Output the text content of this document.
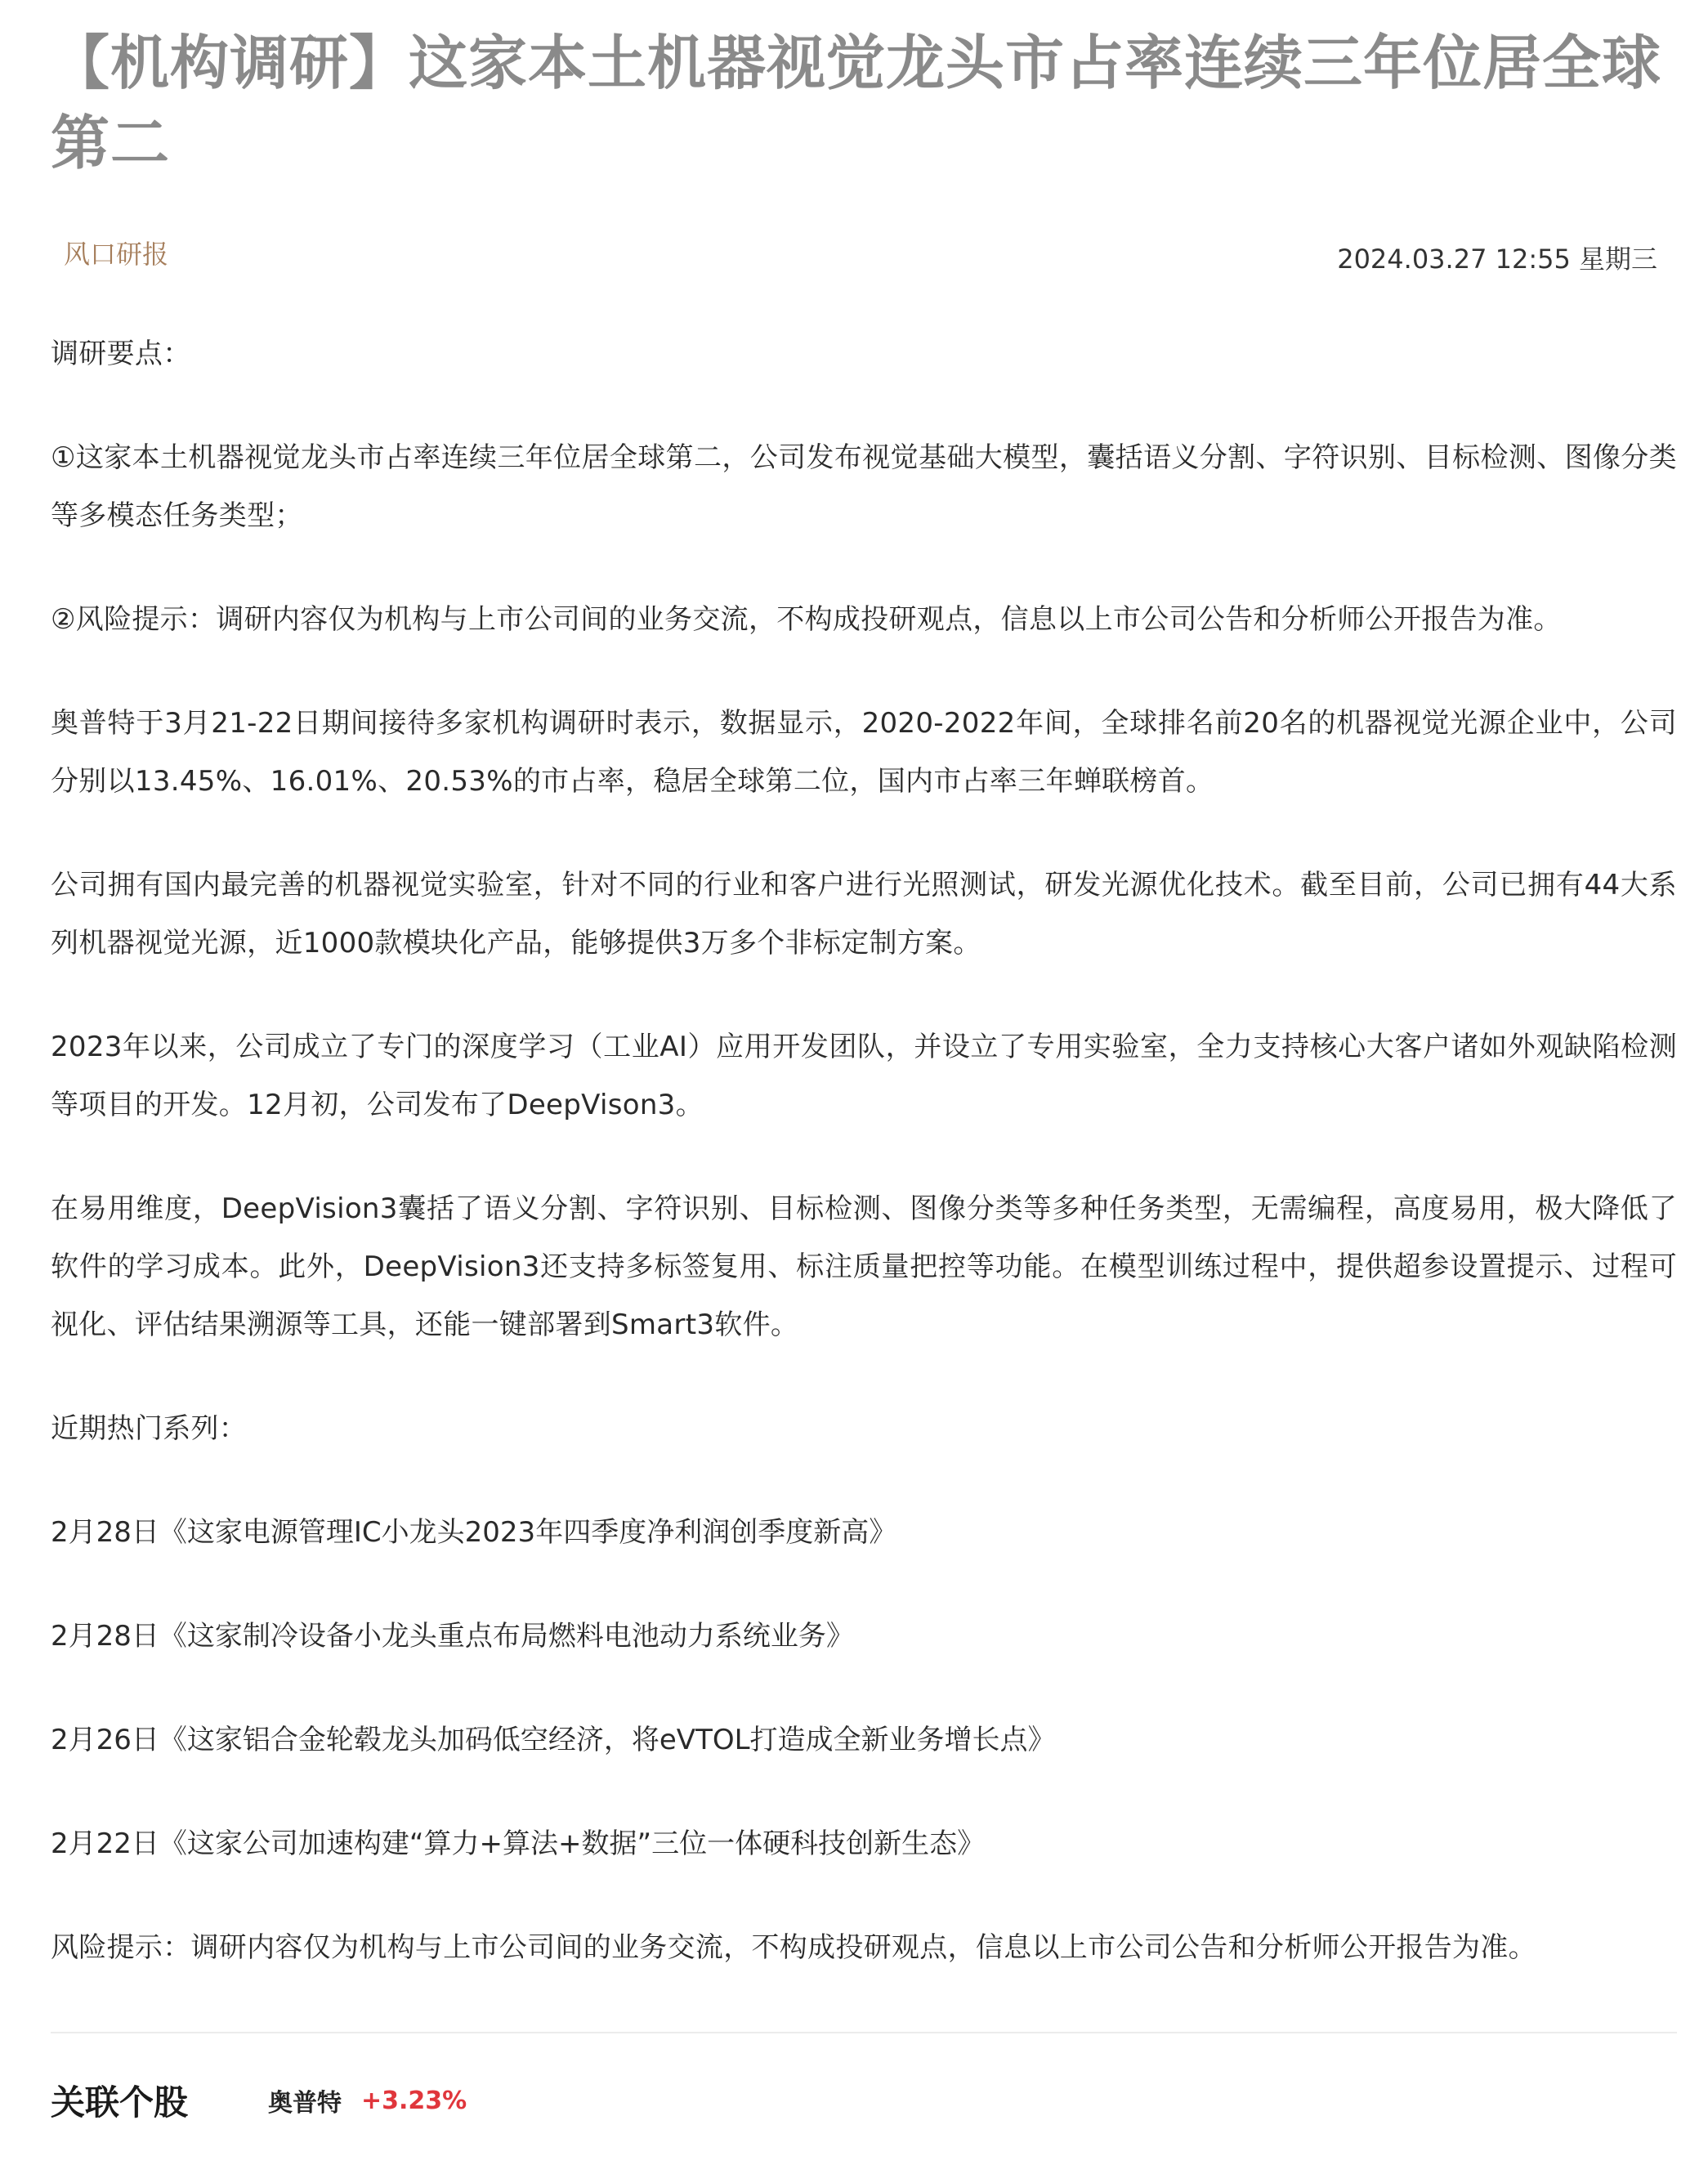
【机构调研】这家本土机器视觉龙头市占率连续三年位居全球第二
风口研报	2024.03.27 12:55 星期三

调研要点：

①这家本土机器视觉龙头市占率连续三年位居全球第二，公司发布视觉基础大模型，囊括语义分割、字符识别、目标检测、图像分类等多模态任务类型；

②风险提示：调研内容仅为机构与上市公司间的业务交流，不构成投研观点，信息以上市公司公告和分析师公开报告为准。

奥普特于3月21-22日期间接待多家机构调研时表示，数据显示，2020-2022年间，全球排名前20名的机器视觉光源企业中，公司分别以13.45%、16.01%、20.53%的市占率，稳居全球第二位，国内市占率三年蝉联榜首。

公司拥有国内最完善的机器视觉实验室，针对不同的行业和客户进行光照测试，研发光源优化技术。截至目前，公司已拥有44大系列机器视觉光源，近1000款模块化产品，能够提供3万多个非标定制方案。

2023年以来，公司成立了专门的深度学习（工业AI）应用开发团队，并设立了专用实验室，全力支持核心大客户诸如外观缺陷检测等项目的开发。12月初，公司发布了DeepVison3。

在易用维度，DeepVision3囊括了语义分割、字符识别、目标检测、图像分类等多种任务类型，无需编程，高度易用，极大降低了软件的学习成本。此外，DeepVision3还支持多标签复用、标注质量把控等功能。在模型训练过程中，提供超参设置提示、过程可视化、评估结果溯源等工具，还能一键部署到Smart3软件。

近期热门系列：

2月28日《这家电源管理IC小龙头2023年四季度净利润创季度新高》

2月28日《这家制冷设备小龙头重点布局燃料电池动力系统业务》

2月26日《这家铝合金轮毂龙头加码低空经济，将eVTOL打造成全新业务增长点》

2月22日《这家公司加速构建“算力+算法+数据”三位一体硬科技创新生态》

风险提示：调研内容仅为机构与上市公司间的业务交流，不构成投研观点，信息以上市公司公告和分析师公开报告为准。

关联个股	奥普特 +3.23%
